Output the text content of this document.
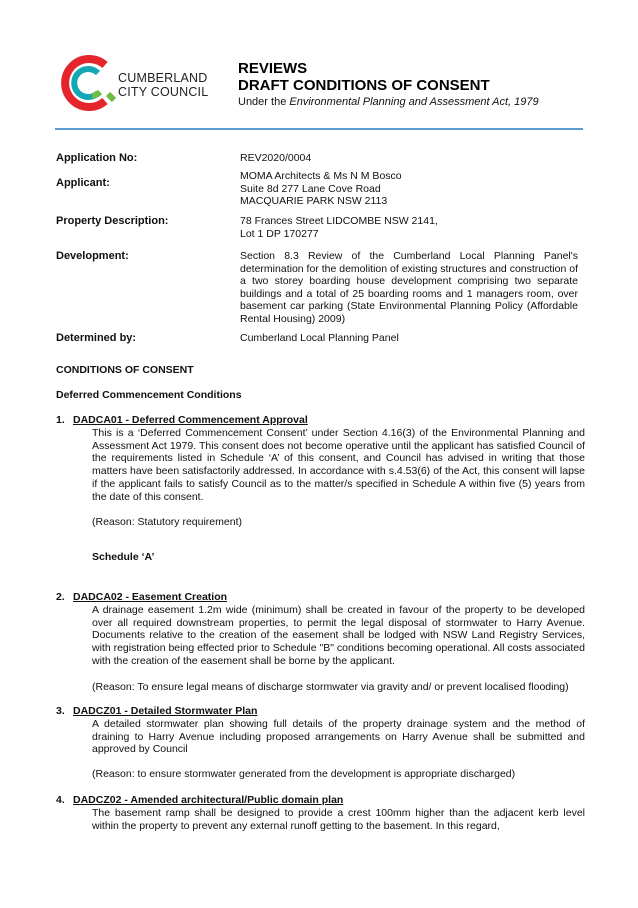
CUMBERLAND
CITY COUNCIL
REVIEWS
DRAFT CONDITIONS OF CONSENT
Under the Environmental Planning and Assessment Act, 1979
Application No:	REV2020/0004
Applicant:
MOMA Architects & Ms N M Bosco
Suite 8d 277 Lane Cove Road
MACQUARIE PARK NSW 2113
Property Description:	78 Frances Street LIDCOMBE NSW 2141,
Lot 1 DP 170277
Development:	Section 8.3 Review of the Cumberland Local Planning Panel's determination for the demolition of existing structures and construction of a two storey boarding house development comprising two separate buildings and a total of 25 boarding rooms and 1 managers room, over basement car parking (State Environmental Planning Policy (Affordable Rental Housing) 2009)
Determined by:	Cumberland Local Planning Panel
CONDITIONS OF CONSENT
Deferred Commencement Conditions
1. DADCA01 - Deferred Commencement Approval
This is a ‘Deferred Commencement Consent’ under Section 4.16(3) of the Environmental Planning and Assessment Act 1979. This consent does not become operative until the applicant has satisfied Council of the requirements listed in Schedule ‘A’ of this consent, and Council has advised in writing that those matters have been satisfactorily addressed. In accordance with s.4.53(6) of the Act, this consent will lapse if the applicant fails to satisfy Council as to the matter/s specified in Schedule A within five (5) years from the date of this consent.
(Reason: Statutory requirement)
Schedule ‘A’
2. DADCA02 - Easement Creation
A drainage easement 1.2m wide (minimum) shall be created in favour of the property to be developed over all required downstream properties, to permit the legal disposal of stormwater to Harry Avenue. Documents relative to the creation of the easement shall be lodged with NSW Land Registry Services, with registration being effected prior to Schedule "B" conditions becoming operational. All costs associated with the creation of the easement shall be borne by the applicant.
(Reason: To ensure legal means of discharge stormwater via gravity and/ or prevent localised flooding)
3. DADCZ01 - Detailed Stormwater Plan
A detailed stormwater plan showing full details of the property drainage system and the method of draining to Harry Avenue including proposed arrangements on Harry Avenue shall be submitted and approved by Council
(Reason: to ensure stormwater generated from the development is appropriate discharged)
4. DADCZ02 - Amended architectural/Public domain plan
The basement ramp shall be designed to provide a crest 100mm higher than the adjacent kerb level within the property to prevent any external runoff getting to the basement. In this regard,
